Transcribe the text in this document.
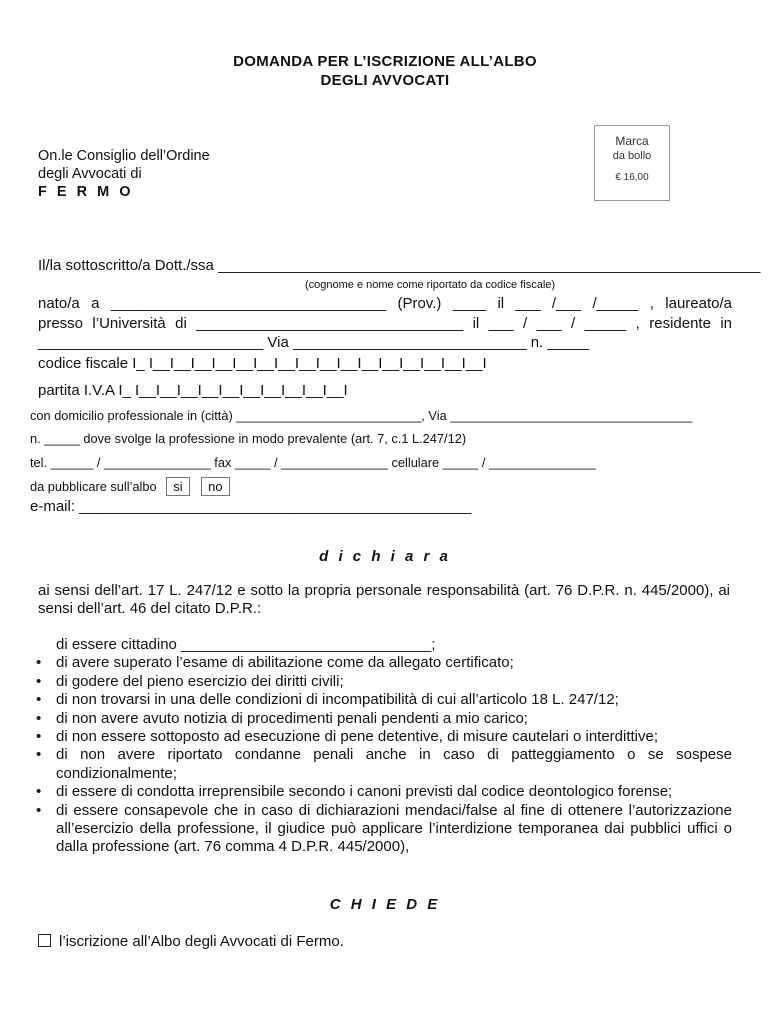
DOMANDA PER L’ISCRIZIONE ALL’ALBO
DEGLI AVVOCATI
On.le Consiglio dell’Ordine
degli Avvocati di
F E R M O
Marca
da bollo
€ 16,00
Il/la sottoscritto/a Dott./ssa _________________________________________________________________
(cognome e nome come riportato da codice fiscale)
nato/a a _________________________________ (Prov.) ____ il ___ /___ /_____ , laureato/a
presso l’Università di ________________________________ il ___ / ___ / _____ , residente in
___________________________ Via ____________________________ n. _____
codice fiscale I_ I__I__I__I__I__I__I__I__I__I__I__I__I__I__I__I__I
partita I.V.A I_ I__I__I__I__I__I__I__I__I__I__I
con domicilio professionale in (città) __________________________, Via __________________________________
n. _____ dove svolge la professione in modo prevalente (art. 7, c.1 L.247/12)
tel. ______ / _______________ fax _____ / _______________ cellulare _____ / _______________
da pubblicare sull’albo si no
e-mail: _______________________________________________
d i c h i a r a
ai sensi dell’art. 17 L. 247/12 e sotto la propria personale responsabilità (art. 76 D.P.R. n. 445/2000), ai sensi dell’art. 46 del citato D.P.R.:
di essere cittadino ______________________________;
• di avere superato l’esame di abilitazione come da allegato certificato;
• di godere del pieno esercizio dei diritti civili;
• di non trovarsi in una delle condizioni di incompatibilità di cui all’articolo 18 L. 247/12;
• di non avere avuto notizia di procedimenti penali pendenti a mio carico;
• di non essere sottoposto ad esecuzione di pene detentive, di misure cautelari o interdittive;
• di non avere riportato condanne penali anche in caso di patteggiamento o se sospese condizionalmente;
• di essere di condotta irreprensibile secondo i canoni previsti dal codice deontologico forense;
• di essere consapevole che in caso di dichiarazioni mendaci/false al fine di ottenere l’autorizzazione all’esercizio della professione, il giudice può applicare l’interdizione temporanea dai pubblici uffici o dalla professione (art. 76 comma 4 D.P.R. 445/2000),
C H I E D E
l’iscrizione all’Albo degli Avvocati di Fermo.
